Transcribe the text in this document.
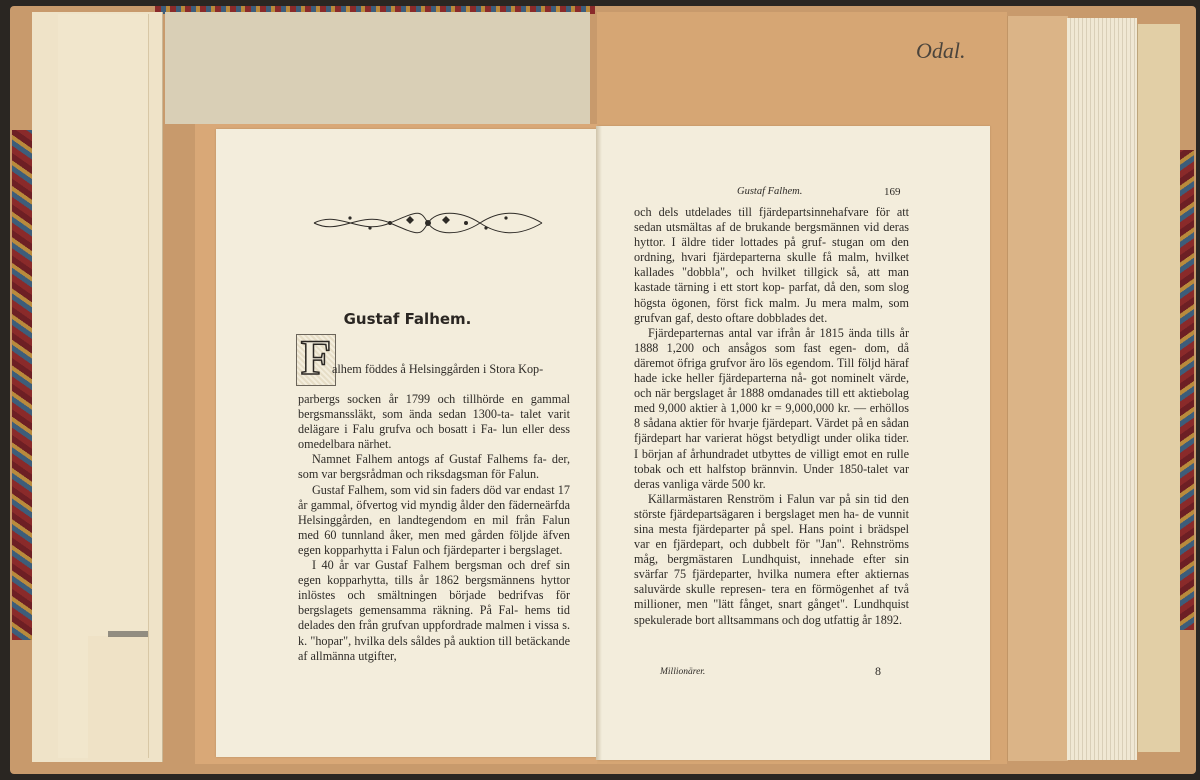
Odal.
Gustaf Falhem.
F alhem föddes å Helsinggården i Stora Kop-

parbergs socken år 1799 och tillhörde en gammal bergsmanssläkt, som ända sedan 1300-ta- talet varit delägare i Falu grufva och bosatt i Fa- lun eller dess omedelbara närhet.

Namnet Falhem antogs af Gustaf Falhems fa- der, som var bergsrådman och riksdagsman för Falun.

Gustaf Falhem, som vid sin faders död var endast 17 år gammal, öfvertog vid myndig ålder den fädernеärfda Helsinggården, en landtegendom en mil från Falun med 60 tunnland åker, men med gården följde äfven egen kopparhytta i Falun och fjärdeparter i bergslaget.

I 40 år var Gustaf Falhem bergsman och dref sin egen kopparhytta, tills år 1862 bergsmännens hyttor inlöstes och smältningen började bedrifvas för bergslagets gemensamma räkning. På Fal- hems tid delades den från grufvan uppfordrade malmen i vissa s. k. "hopar", hvilka dels såldes på auktion till betäckande af allmänna utgifter,

Gustaf Falhem.	169

och dels utdelades till fjärdepartsinnehafvare för att sedan utsmältas af de brukande bergsmännen vid deras hyttor. I äldre tider lottades på gruf- stugan om den ordning, hvari fjärdeparterna skulle få malm, hvilket kallades "dobbla", och hvilket tillgick så, att man kastade tärning i ett stort kop- parfat, då den, som slog högsta ögonen, först fick malm. Ju mera malm, som grufvan gaf, desto oftare dobblades det.

Fjärdeparternas antal var ifrån år 1815 ända tills år 1888 1,200 och ansågos som fast egen- dom, då däremot öfriga grufvor äro lös egendom. Till följd häraf hade icke heller fjärdeparterna nå- got nominelt värde, och när bergslaget år 1888 omdanades till ett aktiebolag med 9,000 aktier à 1,000 kr = 9,000,000 kr. — erhöllos 8 sådana aktier för hvarje fjärdepart. Värdet på en sådan fjärdepart har varierat högst betydligt under olika tider. I början af århundradet utbyttes de villigt emot en rulle tobak och ett halfstop brännvin. Under 1850-talet var deras vanliga värde 500 kr.

Källarmästaren Renström i Falun var på sin tid den störste fjärdepartsägaren i bergslaget men ha- de vunnit sina mesta fjärdeparter på spel. Hans point i brädspel var en fjärdepart, och dubbelt för "Jan". Rehnströms måg, bergmästaren Lundhquist, innehade efter sin svärfar 75 fjärdeparter, hvilka numera efter aktiernas saluvärde skulle represen- tera en förmögenhet af två millioner, men "lätt fånget, snart gånget". Lundhquist spekulerade bort alltsammans och dog utfattig år 1892.

Millionärer.	8
